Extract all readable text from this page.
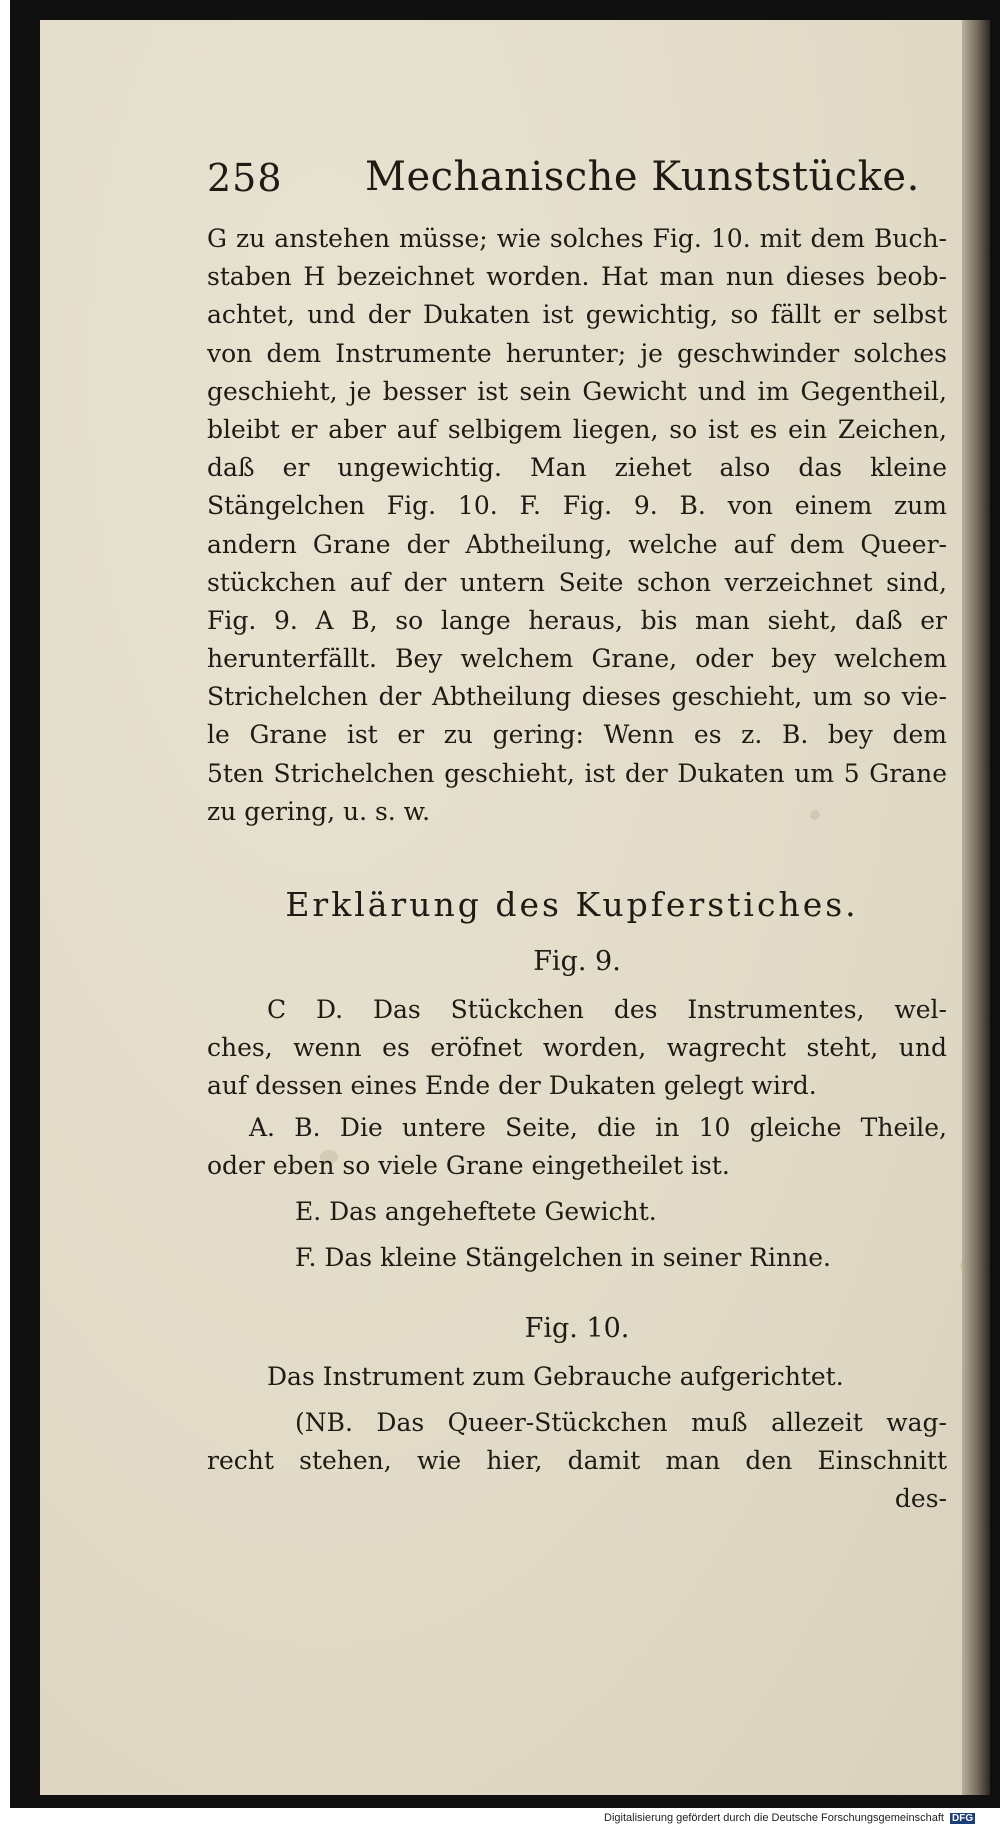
258 Mechanische Kunststücke.
G zu anstehen müsse; wie solches Fig. 10. mit dem Buch-
staben H bezeichnet worden. Hat man nun dieses beob-
achtet, und der Dukaten ist gewichtig, so fällt er selbst
von dem Instrumente herunter; je geschwinder solches
geschieht, je besser ist sein Gewicht und im Gegentheil,
bleibt er aber auf selbigem liegen, so ist es ein Zeichen,
daß er ungewichtig. Man ziehet also das kleine
Stängelchen Fig. 10. F. Fig. 9. B. von einem zum
andern Grane der Abtheilung, welche auf dem Queer-
stückchen auf der untern Seite schon verzeichnet sind,
Fig. 9. A B, so lange heraus, bis man sieht, daß er
herunterfällt. Bey welchem Grane, oder bey welchem
Strichelchen der Abtheilung dieses geschieht, um so vie-
le Grane ist er zu gering: Wenn es z. B. bey dem
5ten Strichelchen geschieht, ist der Dukaten um 5 Grane
zu gering, u. s. w.
Erklärung des Kupferstiches.
Fig. 9.
C D. Das Stückchen des Instrumentes, wel-
ches, wenn es eröfnet worden, wagrecht steht, und
auf dessen eines Ende der Dukaten gelegt wird.
A. B. Die untere Seite, die in 10 gleiche Theile,
oder eben so viele Grane eingetheilet ist.
E. Das angeheftete Gewicht.
F. Das kleine Stängelchen in seiner Rinne.
Fig. 10.
Das Instrument zum Gebrauche aufgerichtet.
(NB. Das Queer-Stückchen muß allezeit wag-
recht stehen, wie hier, damit man den Einschnitt
des-
Digitalisierung gefördert durch die Deutsche Forschungsgemeinschaft DFG
